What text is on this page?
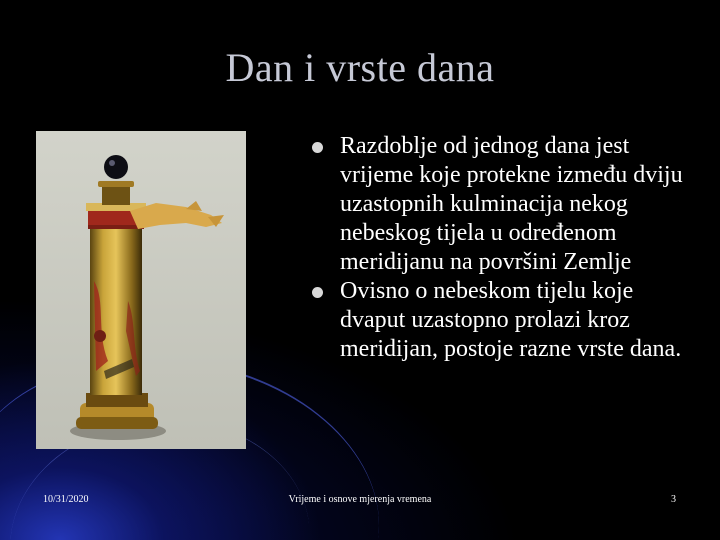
Dan i vrste dana
Razdoblje od jednog dana jest vrijeme koje protekne između dviju uzastopnih kulminacija nekog nebeskog tijela u određenom meridijanu na površini Zemlje
Ovisno o nebeskom tijelu koje dvaput uzastopno prolazi kroz meridijan, postoje razne vrste dana.
10/31/2020	Vrijeme i osnove mjerenja vremena	3
